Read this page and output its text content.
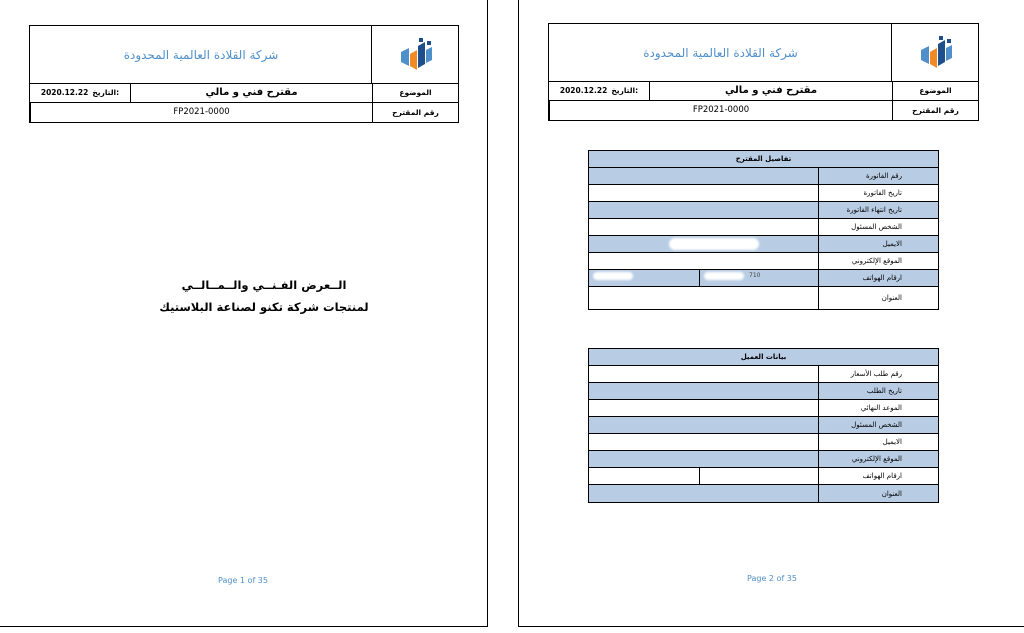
شركة القلادة العالمية المحدودة
الموضوع
مقترح فني و مالي
2020.12.22 التاريخ:
رقم المقترح
FP2021-0000
الــعرض الفـنــي والــمــالــي
لمنتجات شركة تكنو لصناعة البلاستيك
Page 1 of 35
شركة القلادة العالمية المحدودة
الموضوع
مقترح فني و مالي
2020.12.22 التاريخ:
رقم المقترح
FP2021-0000
تفاصيل المقترح
رقم الفاتورة
تاريخ الفاتورة
تاريخ انتهاء الفاتورة
الشخص المسئول
الايميل
الموقع الإلكتروني
ارقام الهواتف
710
العنوان
بيانات العميل
رقم طلب الأسعار
تاريخ الطلب
الموعد النهائي
الشخص المسئول
الايميل
الموقع الإلكتروني
ارقام الهواتف
العنوان
Page 2 of 35
